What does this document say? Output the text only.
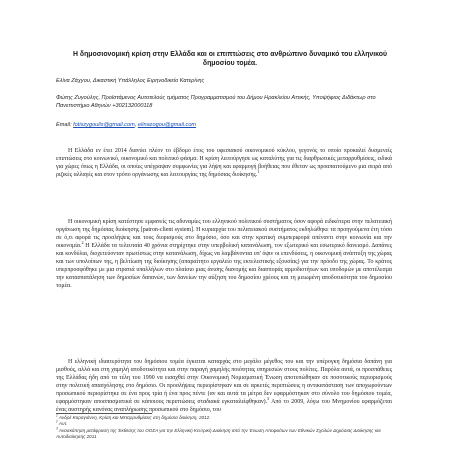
Η δημοσιονομική κρίση στην Ελλάδα και οι επιπτώσεις στο ανθρώπινο δυναμικό του ελληνικού δημοσίου τομέα.
Ελίνα Ζάχγου, Δικαστική Υπάλληλος Ειρηνοδικείο Κατερίνης
Φώτης Ζυγούλης, Προϊστάμενος Αυτοτελούς τμήματος Προγραμματισμού του Δήμου Ηρακλείου Αττικής, Υποψήφιος Διδάκτωρ στο Πανεπιστήμιο Αθηνών +302132000118
Email: fotiszygoulis@gmail.com, elinazogou@gmail.com

Η Ελλάδα εν έτει 2014 διανύει πλέον το έβδομο έτος του υφεσιακού οικονομικού κύκλου, γεγονός το οποίο προκαλεί δυσμενείς επιπτώσεις στο κοινωνικό, οικονομικό και πολιτικό φάσμα. Η κρίση λειτούργησε ως καταλύτης για τις διαρθρωτικές μεταρρυθμίσεις, ειδικά για χώρες όπως η Ελλάδα, οι οποίες υπέγραψαν συμφωνίες για λήψη και εφαρμογή βοήθειας που έθεταν ως προαπαιτούμενο μια σειρά από ριζικές αλλαγές και στον τρόπο οργάνωσης και λειτουργίας της δημόσιας διοίκησης.$^1$

Η οικονομική κρίση κατέστησε εμφανείς τις αδυναμίες του ελληνικού πολιτικού συστήματος όσον αφορά ειδικότερα στην πελατειακή οργάνωση της δημόσιας διοίκησης [patron-client system]. Η κυριαρχία του πελατειακού συστήματος εκδηλώθηκε τα προηγούμενα έτη τόσο σε ό,τι αφορά τις προσλήψεις και τους διορισμούς στο δημόσιο, όσο και στην κρατική συμπεριφορά απέναντι στην κοινωνία και την οικονομία.$^2$ Η Ελλάδα τα τελευταία 40 χρόνια στηρίχτηκε στην υπερβολική κατανάλωση, τον εξωτερικό και εσωτερικό δανεισμό. Δαπάνες και κονδύλια, διοχετεύονταν πρωτίστως στην κατανάλωση, δίχως να λαμβάνονται υπ' όψιν οι επενδύσεις, η οικονομική ανάπτυξη της χώρας και των υπολοίπων της, η βελτίωση της διοίκησης (απαραίτητο εργαλείο της εκτελεστικής εξουσίας) για την πρόοδο της χώρας. Το κράτος υπερπροσφόθηκε με μια στρατιά υπαλλήλων στο πλαίσιο μιας άνισης διανομής και διασποράς αρμοδιοτήτων και υποδομών με αποτέλεσμα την κατασπατάληση των δημοσίων δαπανών, των δανείων την αύξηση του δημοσίου χρέους και τη μειωμένη αποδοτικότητα του δημοσίου τομέα.

Η ελληνική ιδιαιτερότητα του δημόσιου τομέα έγκειται καταρχάς στο μεγάλο μέγεθος του και την υπέρογκη δημόσια δαπάνη για μισθούς, αλλά και στη χαμηλή αποδοτικότητα και στην παραγή χαμηλής ποιότητας υπηρεσιών στους πολίτες. Παρόλα αυτά, οι προσπάθειες της Ελλάδας ήδη από τα τέλη του 1990 να εισαχθεί στην Οικονομική Νομισματική Ένωση αποτυπώθηκαν σε ποσοτικούς περιορισμούς στην πολιτική απασχόλησης στο δημόσιο. Οι προσλήψεις περιορίστηκαν και σε αρκετές περιπτώσεις η αντικατάσταση των αποχωρούντων προσωπικού περιορίστηκε σε ένα προς τρία ή ένα προς πέντε (αν και αυτά τα μέτρα δεν εφαρμόστηκαν στο σύνολο του δημόσιου τομέα, εφαρμόστηκαν αποσπασματικά σε κάποιους περιπτώσεις σταδιακά εγκαταλείφθηκαν).$^3$ Από το 2009, λόγω του Μνημονίου εφαρμόζεται ένας αυστηρής κανόνας αναπλήρωσης προσωπικού στο δημόσιο, του

$^1$ Ανδρέ Καραγιάννη, Κρίση και Μεταρρυθμίσεις στη δημόσια διοίκηση, 2012.
$^2$ Αυτ.
$^3$ Ανασκόπηση μετάφραση της Έκθεσης του ΟΟΣΑ για την Ελληνική Κεντρική Διοίκηση από την Ένωση Αποφοίτων των Εθνικών Σχολών Δημόσιας Διοίκησης και Αυτοδιοίκησης 2011
